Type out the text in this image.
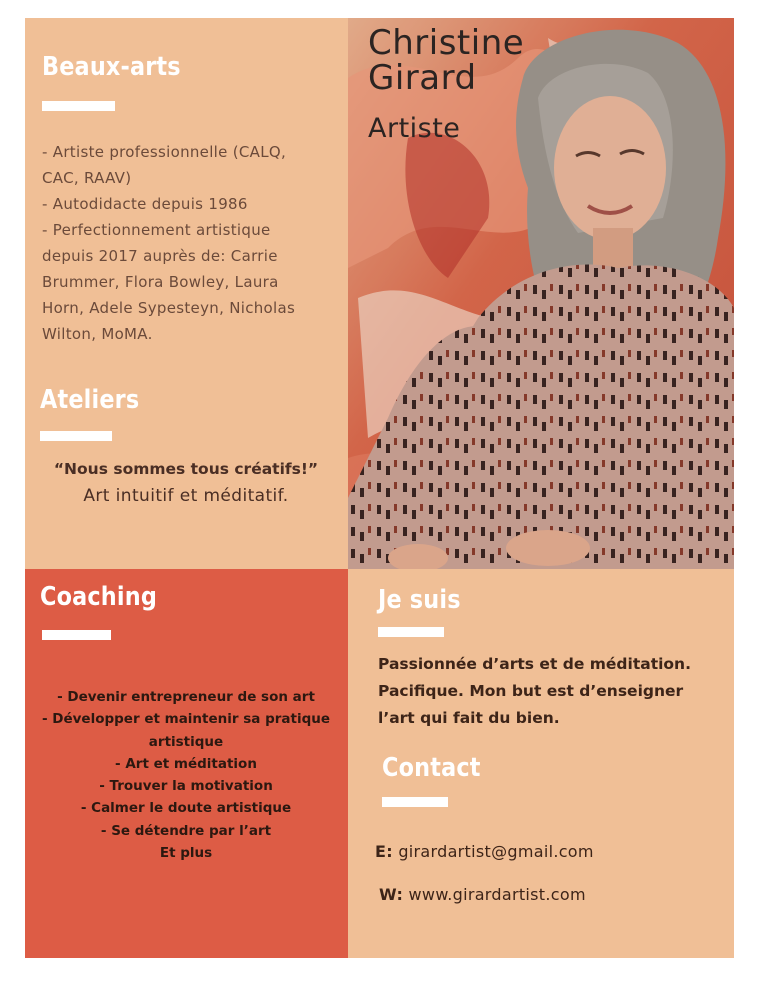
Christine
Girard
Artiste
Beaux-arts
- Artiste professionnelle (CALQ,
CAC, RAAV)
- Autodidacte depuis 1986
- Perfectionnement artistique
depuis 2017 auprès de: Carrie
Brummer, Flora Bowley, Laura
Horn, Adele Sypesteyn, Nicholas
Wilton, MoMA.
Ateliers
“Nous sommes tous créatifs!”
Art intuitif et méditatif.
Coaching
- Devenir entrepreneur de son art
- Développer et maintenir sa pratique
artistique
- Art et méditation
- Trouver la motivation
- Calmer le doute artistique
- Se détendre par l’art
Et plus
Je suis
Passionnée d’arts et de méditation.
Pacifique. Mon but est d’enseigner
l’art qui fait du bien.
Contact
E: girardartist@gmail.com
W: www.girardartist.com
